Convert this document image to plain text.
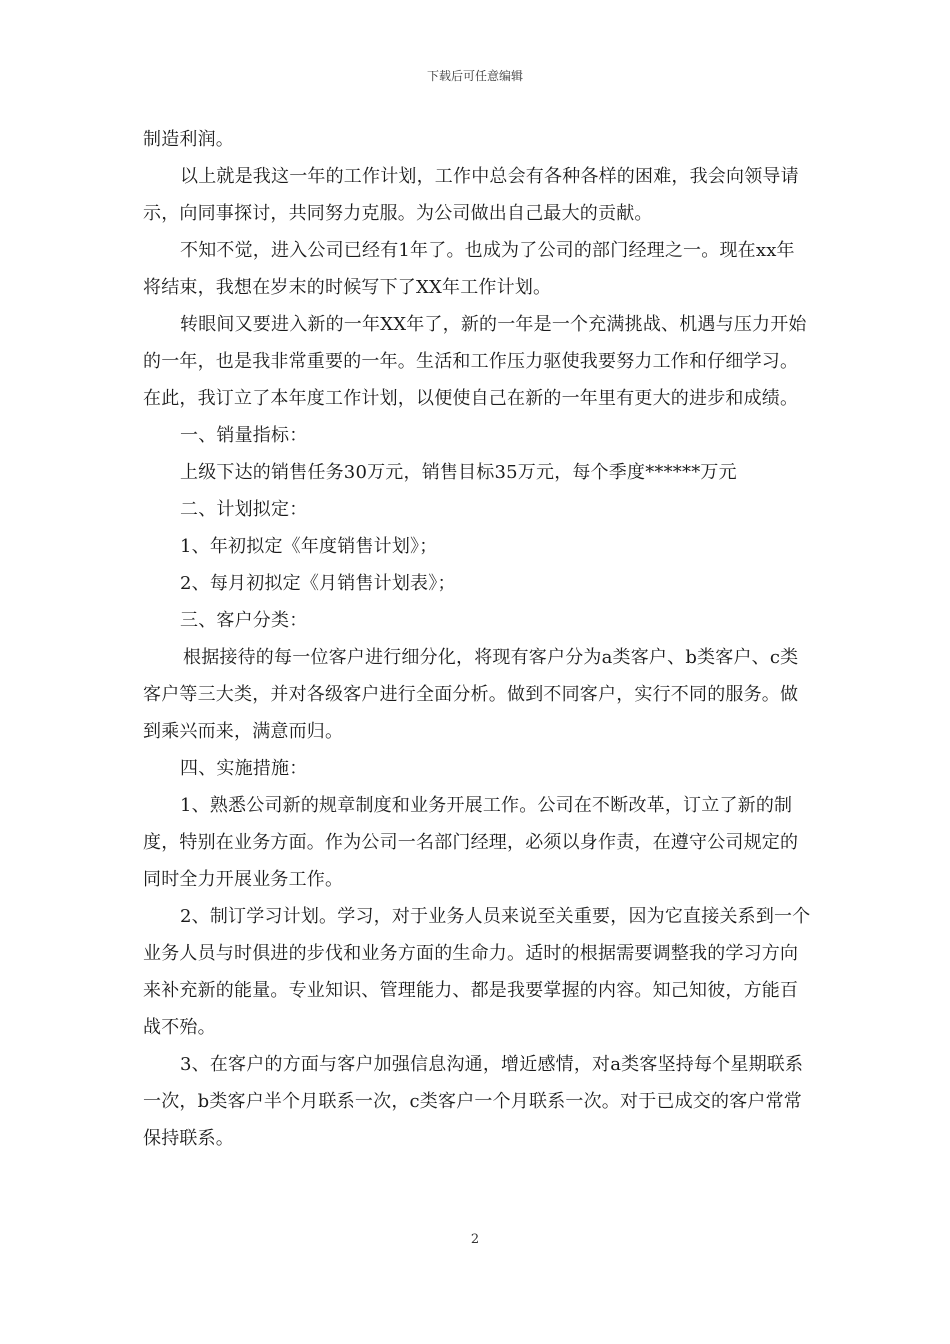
下载后可任意编辑

制造利润。

以上就是我这一年的工作计划，工作中总会有各种各样的困难，我会向领导请示，向同事探讨，共同努力克服。为公司做出自己最大的贡献。

不知不觉，进入公司已经有1年了。也成为了公司的部门经理之一。现在xx年将结束，我想在岁末的时候写下了XX年工作计划。

转眼间又要进入新的一年XX年了，新的一年是一个充满挑战、机遇与压力开始的一年，也是我非常重要的一年。生活和工作压力驱使我要努力工作和仔细学习。在此，我订立了本年度工作计划，以便使自己在新的一年里有更大的进步和成绩。

一、销量指标：

上级下达的销售任务30万元，销售目标35万元，每个季度******万元

二、计划拟定：

1、年初拟定《年度销售计划》；

2、每月初拟定《月销售计划表》；

三、客户分类：

根据接待的每一位客户进行细分化，将现有客户分为a类客户、b类客户、c类客户等三大类，并对各级客户进行全面分析。做到不同客户，实行不同的服务。做到乘兴而来，满意而归。

四、实施措施：

1、熟悉公司新的规章制度和业务开展工作。公司在不断改革，订立了新的制度，特别在业务方面。作为公司一名部门经理，必须以身作责，在遵守公司规定的同时全力开展业务工作。

2、制订学习计划。学习，对于业务人员来说至关重要，因为它直接关系到一个业务人员与时俱进的步伐和业务方面的生命力。适时的根据需要调整我的学习方向来补充新的能量。专业知识、管理能力、都是我要掌握的内容。知己知彼，方能百战不殆。

3、在客户的方面与客户加强信息沟通，增近感情，对a类客坚持每个星期联系一次，b类客户半个月联系一次，c类客户一个月联系一次。对于已成交的客户常常保持联系。

2
